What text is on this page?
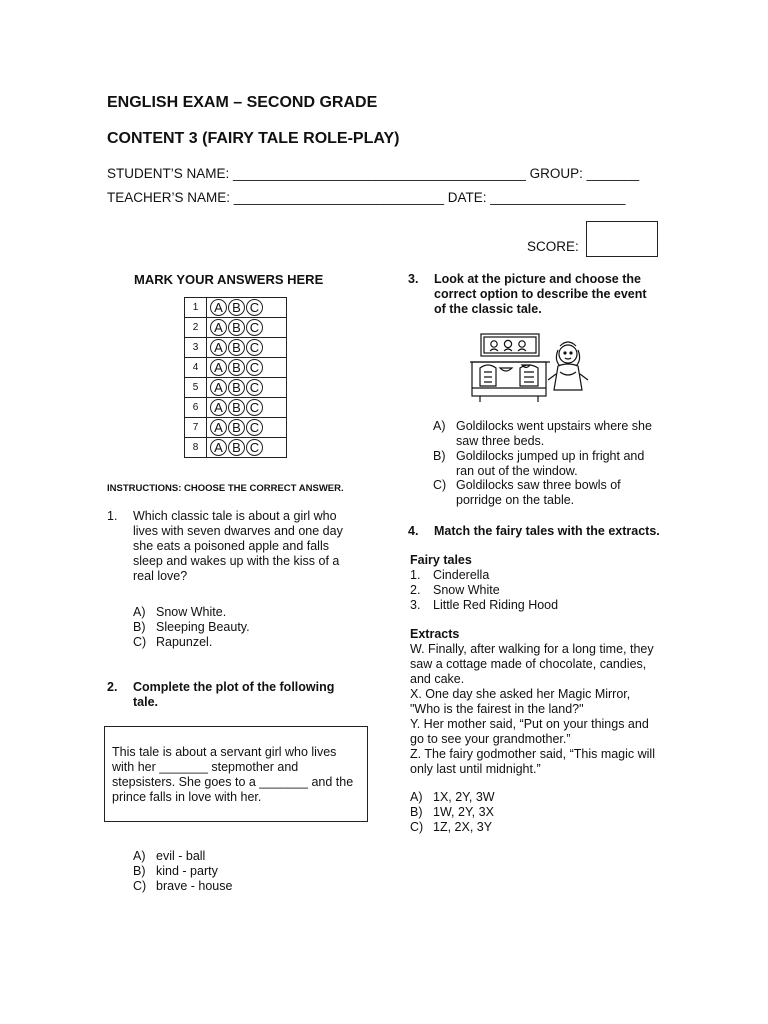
ENGLISH EXAM – SECOND GRADE
CONTENT 3 (FAIRY TALE ROLE-PLAY)
STUDENT’S NAME: _______________________________________ GROUP: _______
TEACHER’S NAME: ____________________________ DATE: __________________
SCORE:
MARK YOUR ANSWERS HERE
1	A B C
2	A B C
3	A B C
4	A B C
5	A B C
6	A B C
7	A B C
8	A B C
INSTRUCTIONS: CHOOSE THE CORRECT ANSWER.
1. Which classic tale is about a girl who
lives with seven dwarves and one day
she eats a poisoned apple and falls
sleep and wakes up with the kiss of a
real love?
A) Snow White.
B) Sleeping Beauty.
C) Rapunzel.
2. Complete the plot of the following
tale.
This tale is about a servant girl who lives
with her _______ stepmother and
stepsisters. She goes to a _______ and the
prince falls in love with her.
A) evil - ball
B) kind - party
C) brave - house
3. Look at the picture and choose the
correct option to describe the event
of the classic tale.
A) Goldilocks went upstairs where she
saw three beds.
B) Goldilocks jumped up in fright and
ran out of the window.
C) Goldilocks saw three bowls of
porridge on the table.
4. Match the fairy tales with the extracts.
Fairy tales
1. Cinderella
2. Snow White
3. Little Red Riding Hood
Extracts
W. Finally, after walking for a long time, they
saw a cottage made of chocolate, candies,
and cake.
X. One day she asked her Magic Mirror,
"Who is the fairest in the land?"
Y. Her mother said, “Put on your things and
go to see your grandmother.”
Z. The fairy godmother said, “This magic will
only last until midnight.”
A) 1X, 2Y, 3W
B) 1W, 2Y, 3X
C) 1Z, 2X, 3Y
